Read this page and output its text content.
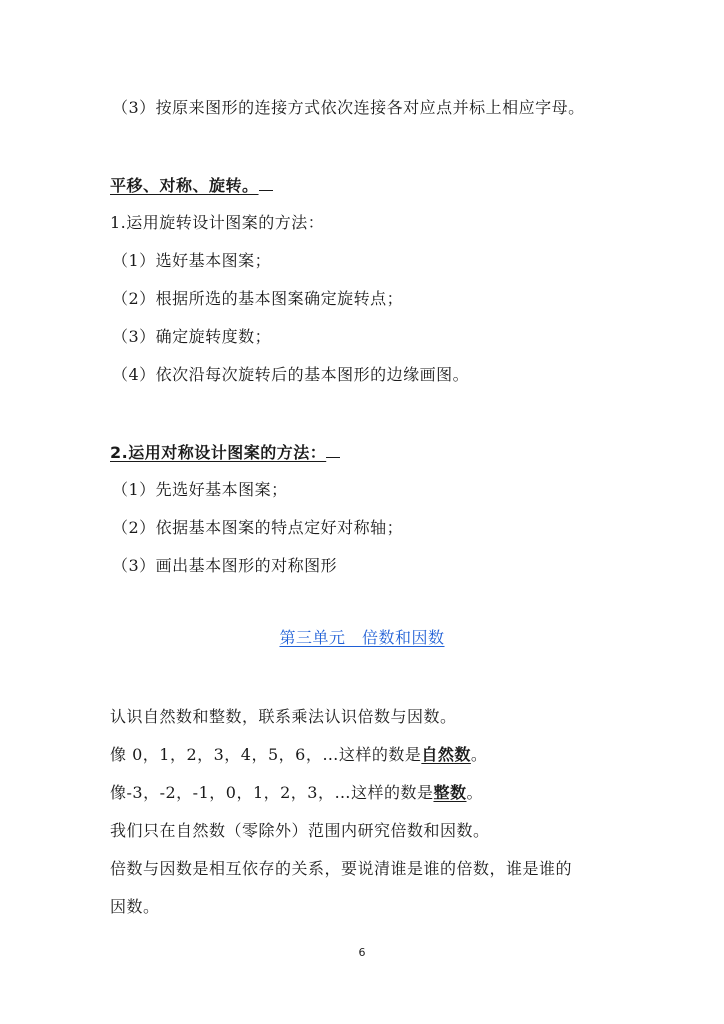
（3）按原来图形的连接方式依次连接各对应点并标上相应字母。
平移、对称、旋转。
1.运用旋转设计图案的方法：
（1）选好基本图案；
（2）根据所选的基本图案确定旋转点；
（3）确定旋转度数；
（4）依次沿每次旋转后的基本图形的边缘画图。
2.运用对称设计图案的方法：
（1）先选好基本图案；
（2）依据基本图案的特点定好对称轴；
（3）画出基本图形的对称图形
第三单元　倍数和因数
认识自然数和整数，联系乘法认识倍数与因数。
像 0，1，2，3，4，5，6，…这样的数是自然数。
像-3，-2，-1，0，1，2，3，…这样的数是整数。
我们只在自然数（零除外）范围内研究倍数和因数。
倍数与因数是相互依存的关系，要说清谁是谁的倍数，谁是谁的
因数。
6
